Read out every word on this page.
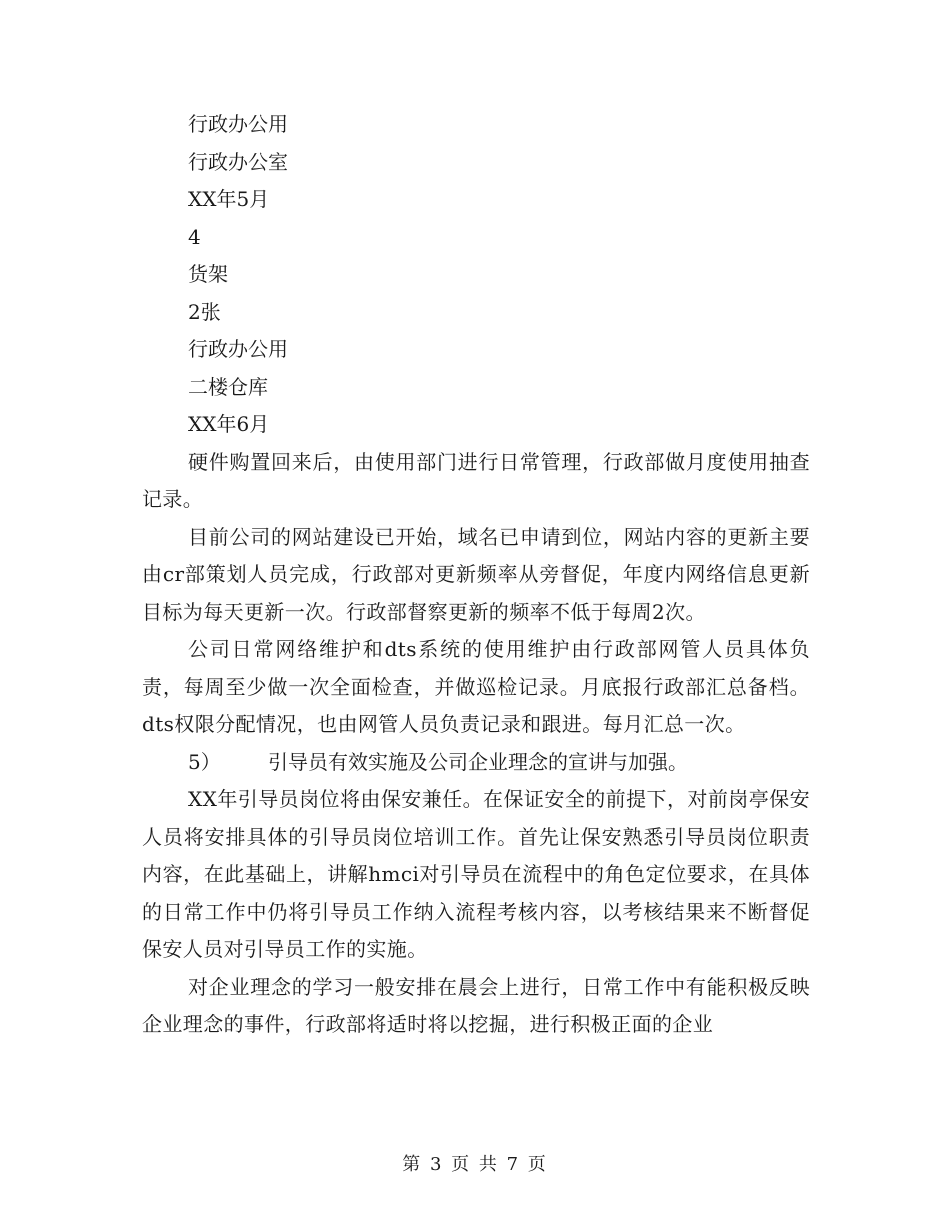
行政办公用

行政办公室

XX年5月

4

货架

2张

行政办公用

二楼仓库

XX年6月

硬件购置回来后，由使用部门进行日常管理，行政部做月度使用抽查记录。

目前公司的网站建设已开始，域名已申请到位，网站内容的更新主要由cr部策划人员完成，行政部对更新频率从旁督促，年度内网络信息更新目标为每天更新一次。行政部督察更新的频率不低于每周2次。

公司日常网络维护和dts系统的使用维护由行政部网管人员具体负责，每周至少做一次全面检查，并做巡检记录。月底报行政部汇总备档。dts权限分配情况，也由网管人员负责记录和跟进。每月汇总一次。

5） 引导员有效实施及公司企业理念的宣讲与加强。

XX年引导员岗位将由保安兼任。在保证安全的前提下，对前岗亭保安人员将安排具体的引导员岗位培训工作。首先让保安熟悉引导员岗位职责内容，在此基础上，讲解hmci对引导员在流程中的角色定位要求，在具体的日常工作中仍将引导员工作纳入流程考核内容，以考核结果来不断督促保安人员对引导员工作的实施。

对企业理念的学习一般安排在晨会上进行，日常工作中有能积极反映企业理念的事件，行政部将适时将以挖掘，进行积极正面的企业

第 3 页 共 7 页
